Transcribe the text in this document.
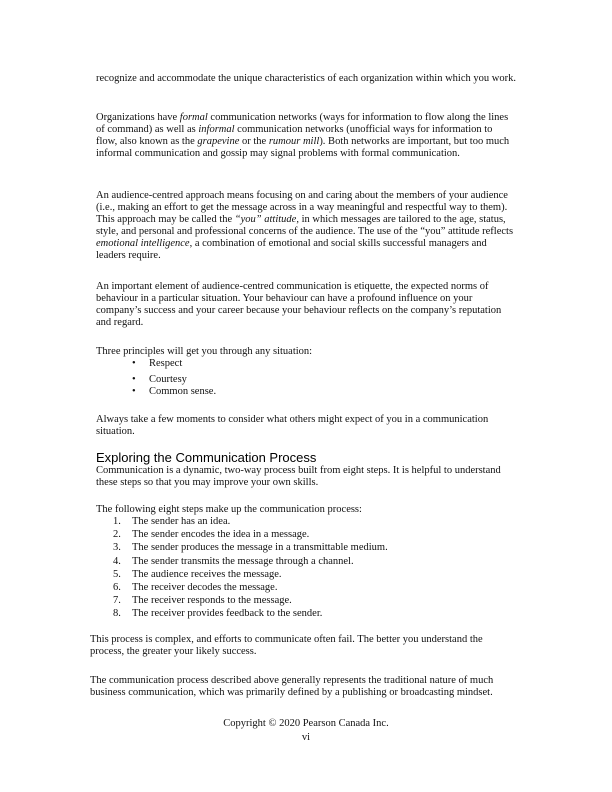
recognize and accommodate the unique characteristics of each organization within which you work.

Organizations have formal communication networks (ways for information to flow along the lines of command) as well as informal communication networks (unofficial ways for information to flow, also known as the grapevine or the rumour mill). Both networks are important, but too much informal communication and gossip may signal problems with formal communication.

An audience-centred approach means focusing on and caring about the members of your audience (i.e., making an effort to get the message across in a way meaningful and respectful way to them). This approach may be called the “you” attitude, in which messages are tailored to the age, status, style, and personal and professional concerns of the audience. The use of the “you” attitude reflects emotional intelligence, a combination of emotional and social skills successful managers and leaders require.

An important element of audience-centred communication is etiquette, the expected norms of behaviour in a particular situation. Your behaviour can have a profound influence on your company’s success and your career because your behaviour reflects on the company’s reputation and regard.

Three principles will get you through any situation:

• Respect
• Courtesy
• Common sense.

Always take a few moments to consider what others might expect of you in a communication situation.

Exploring the Communication Process

Communication is a dynamic, two-way process built from eight steps. It is helpful to understand these steps so that you may improve your own skills.

The following eight steps make up the communication process:

1. The sender has an idea.
2. The sender encodes the idea in a message.
3. The sender produces the message in a transmittable medium.
4. The sender transmits the message through a channel.
5. The audience receives the message.
6. The receiver decodes the message.
7. The receiver responds to the message.
8. The receiver provides feedback to the sender.

This process is complex, and efforts to communicate often fail. The better you understand the process, the greater your likely success.

The communication process described above generally represents the traditional nature of much business communication, which was primarily defined by a publishing or broadcasting mindset.

Copyright © 2020 Pearson Canada Inc.

vi
